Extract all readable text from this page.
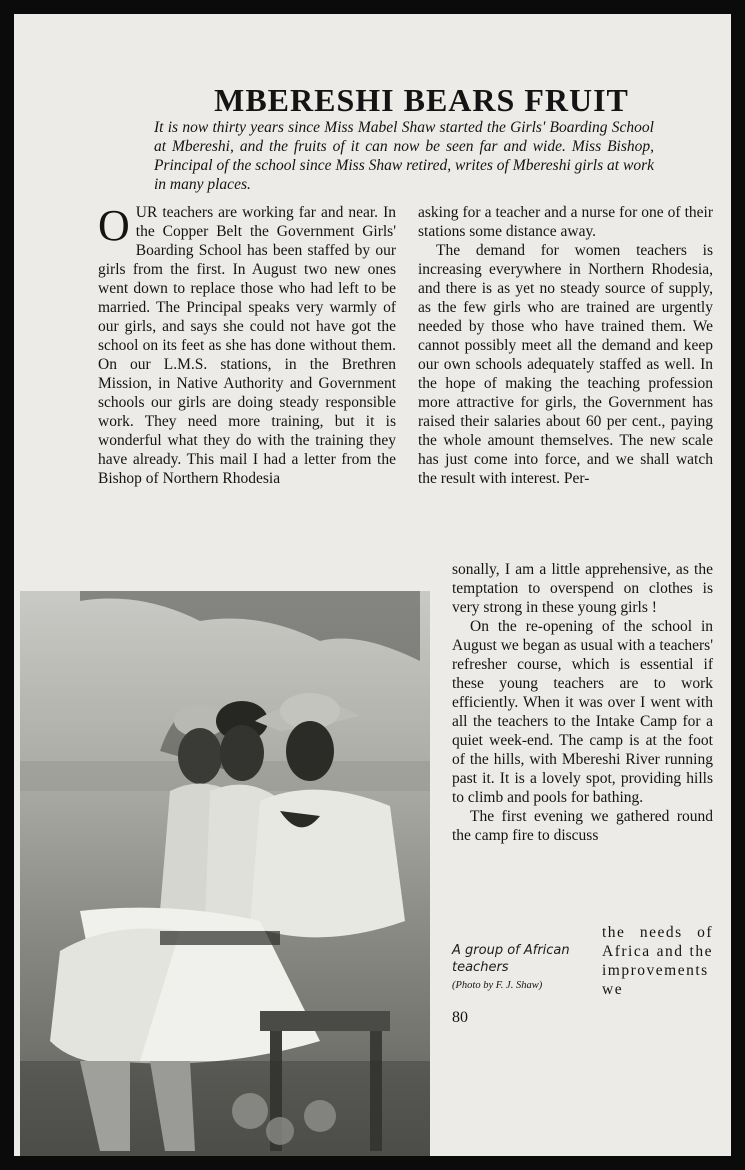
MBERESHI BEARS FRUIT
It is now thirty years since Miss Mabel Shaw started the Girls' Boarding School at Mbereshi, and the fruits of it can now be seen far and wide. Miss Bishop, Principal of the school since Miss Shaw retired, writes of Mbereshi girls at work in many places.

OUR teachers are working far and near. In the Copper Belt the Government Girls' Boarding School has been staffed by our girls from the first. In August two new ones went down to replace those who had left to be married. The Principal speaks very warmly of our girls, and says she could not have got the school on its feet as she has done without them. On our L.M.S. stations, in the Brethren Mission, in Native Authority and Government schools our girls are doing steady responsible work. They need more training, but it is wonderful what they do with the training they have already. This mail I had a letter from the Bishop of Northern Rhodesia

asking for a teacher and a nurse for one of their stations some distance away.

The demand for women teachers is increasing everywhere in Northern Rhodesia, and there is as yet no steady source of supply, as the few girls who are trained are urgently needed by those who have trained them. We cannot possibly meet all the demand and keep our own schools adequately staffed as well. In the hope of making the teaching profession more attractive for girls, the Government has raised their salaries about 60 per cent., paying the whole amount themselves. The new scale has just come into force, and we shall watch the result with interest. Per-

sonally, I am a little apprehensive, as the temptation to overspend on clothes is very strong in these young girls !

On the re-opening of the school in August we began as usual with a teachers' refresher course, which is essential if these young teachers are to work efficiently. When it was over I went with all the teachers to the Intake Camp for a quiet week-end. The camp is at the foot of the hills, with Mbereshi River running past it. It is a lovely spot, providing hills to climb and pools for bathing.

The first evening we gathered round the camp fire to discuss

A group of African teachers
(Photo by F. J. Shaw)
the needs of Africa and the improvements we
80
